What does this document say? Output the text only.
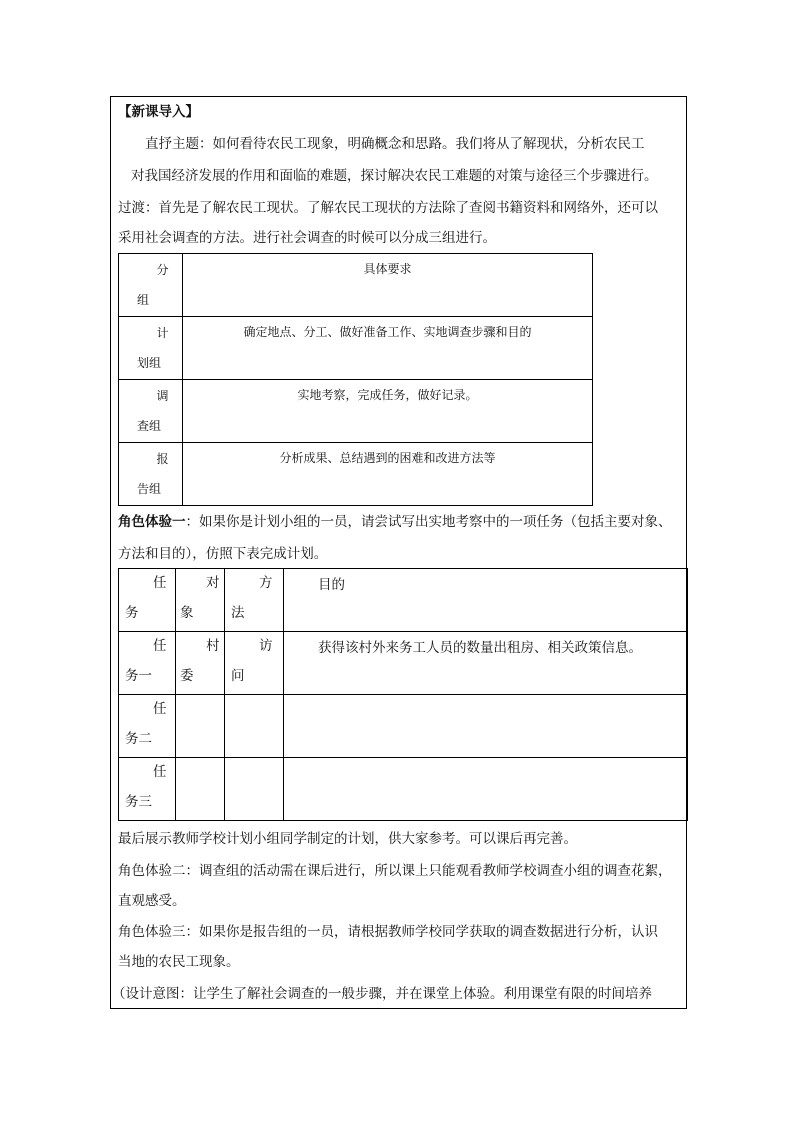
【新课导入】
直抒主题：如何看待农民工现象，明确概念和思路。我们将从了解现状，分析农民工
对我国经济发展的作用和面临的难题，探讨解决农民工难题的对策与途径三个步骤进行。
过渡：首先是了解农民工现状。了解农民工现状的方法除了查阅书籍资料和网络外，还可以
采用社会调查的方法。进行社会调查的时候可以分成三组进行。
分
组	具体要求

计
划组	确定地点、分工、做好准备工作、实地调查步骤和目的

调
查组	实地考察，完成任务，做好记录。

报
告组	分析成果、总结遇到的困难和改进方法等
角色体验一：如果你是计划小组的一员，请尝试写出实地考察中的一项任务（包括主要对象、
方法和目的），仿照下表完成计划。
任
务	对
象	方
法	目的

任
务一	村
委	访
问	获得该村外来务工人员的数量出租房、相关政策信息。

任
务二			

任
务三			

最后展示教师学校计划小组同学制定的计划，供大家参考。可以课后再完善。
角色体验二：调查组的活动需在课后进行，所以课上只能观看教师学校调查小组的调查花絮，
直观感受。
角色体验三：如果你是报告组的一员，请根据教师学校同学获取的调查数据进行分析，认识
当地的农民工现象。
（设计意图：让学生了解社会调查的一般步骤，并在课堂上体验。利用课堂有限的时间培养
